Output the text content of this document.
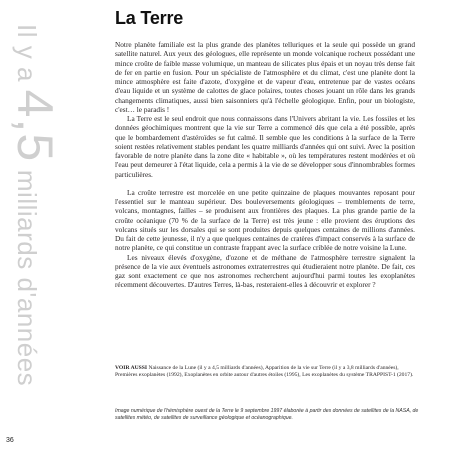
Il y a 4,5 milliards d'années
La Terre

Notre planète familiale est la plus grande des planètes telluriques et la seule qui possède un grand satellite naturel. Aux yeux des géologues, elle représente un monde volcanique rocheux possédant une mince croûte de faible masse volumique, un manteau de silicates plus épais et un noyau très dense fait de fer en partie en fusion. Pour un spécialiste de l'atmosphère et du climat, c'est une planète dont la mince atmosphère est faite d'azote, d'oxygène et de vapeur d'eau, entretenue par de vastes océans d'eau liquide et un système de calottes de glace polaires, toutes choses jouant un rôle dans les grands changements climatiques, aussi bien saisonniers qu'à l'échelle géologique. Enfin, pour un biologiste, c'est… le paradis !

La Terre est le seul endroit que nous connaissons dans l'Univers abritant la vie. Les fossiles et les données géochimiques montrent que la vie sur Terre a commencé dès que cela a été possible, après que le bombardement d'astéroïdes se fut calmé. Il semble que les conditions à la surface de la Terre soient restées relativement stables pendant les quatre milliards d'années qui ont suivi. Avec la position favorable de notre planète dans la zone dite « habitable », où les températures restent modérées et où l'eau peut demeurer à l'état liquide, cela a permis à la vie de se développer sous d'innombrables formes particulières.

La croûte terrestre est morcelée en une petite quinzaine de plaques mouvantes reposant pour l'essentiel sur le manteau supérieur. Des bouleversements géologiques – tremblements de terre, volcans, montagnes, failles – se produisent aux frontières des plaques. La plus grande partie de la croûte océanique (70 % de la surface de la Terre) est très jeune : elle provient des éruptions des volcans situés sur les dorsales qui se sont produites depuis quelques centaines de millions d'années. Du fait de cette jeunesse, il n'y a que quelques centaines de cratères d'impact conservés à la surface de notre planète, ce qui constitue un contraste frappant avec la surface criblée de notre voisine la Lune.

Les niveaux élevés d'oxygène, d'ozone et de méthane de l'atmosphère terrestre signalent la présence de la vie aux éventuels astronomes extraterrestres qui étudieraient notre planète. De fait, ces gaz sont exactement ce que nos astronomes recherchent aujourd'hui parmi toutes les exoplanètes récemment découvertes. D'autres Terres, là-bas, resteraient-elles à découvrir et explorer ?

VOIR AUSSI Naissance de la Lune (il y a 4,5 milliards d'années), Apparition de la vie sur Terre (il y a 3,8 milliards d'années), Premières exoplanètes (1992), Exoplanètes en orbite autour d'autres étoiles (1995), Les exoplanètes du système TRAPPIST-1 (2017).
Image numérique de l'hémisphère ouest de la Terre le 9 septembre 1997 élaborée à partir des données de satellites de la NASA, de satellites météo, de satellites de surveillance géologique et océanographique.
36
